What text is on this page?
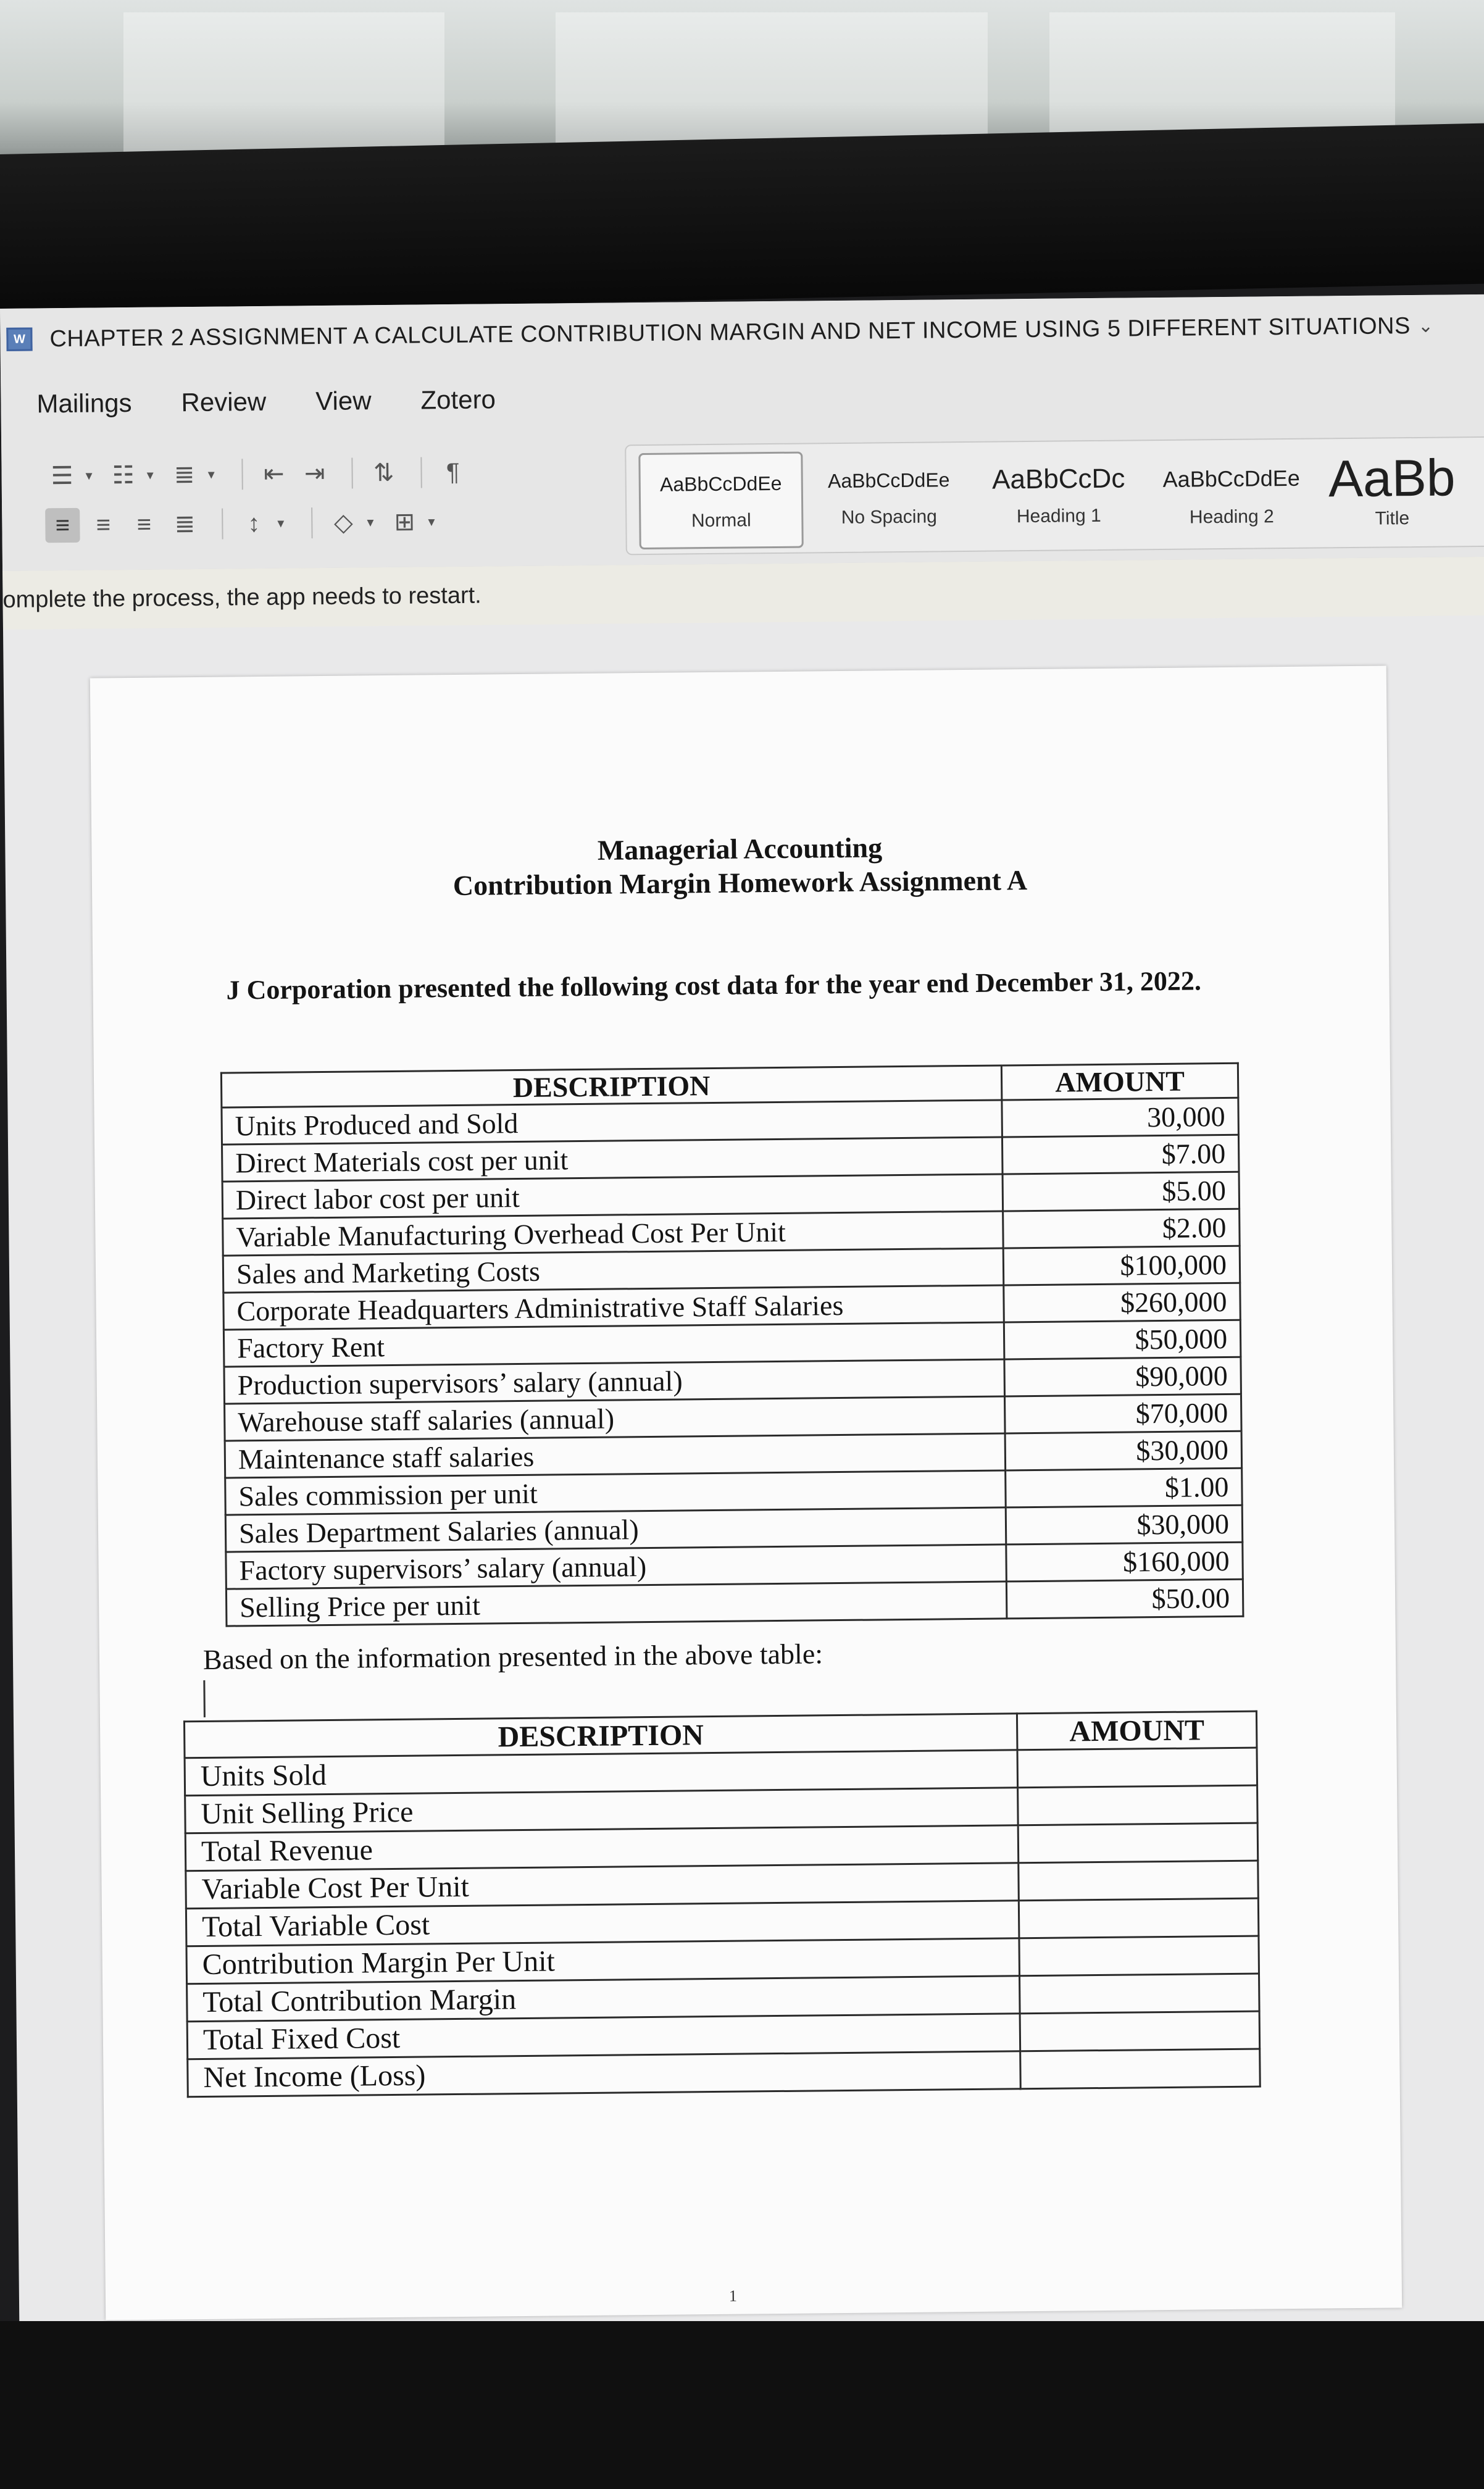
W	CHAPTER 2 ASSIGNMENT A CALCULATE CONTRIBUTION MARGIN AND NET INCOME USING 5 DIFFERENT SITUATIONS ⌄
Mailings Review View Zotero
☰ ▾ ☷ ▾ ≣ ▾ ⇤ ⇥ ⇅	¶
≡	≡	≡ ≣	↕	▾	◇	▾ ⊞ ▾
AaBbCcDdEe
Normal
AaBbCcDdEe
No Spacing
AaBbCcDc
Heading 1
AaBbCcDdEe
Heading 2
AaBb
Title
omplete the process, the app needs to restart.
Managerial Accounting
Contribution Margin Homework Assignment A
J Corporation presented the following cost data for the year end December 31, 2022.
DESCRIPTION	AMOUNT
Units Produced and Sold	30,000
Direct Materials cost per unit	$7.00
Direct labor cost per unit	$5.00
Variable Manufacturing Overhead Cost Per Unit	$2.00
Sales and Marketing Costs	$100,000
Corporate Headquarters Administrative Staff Salaries	$260,000
Factory Rent	$50,000
Production supervisors’ salary (annual)	$90,000
Warehouse staff salaries (annual)	$70,000
Maintenance staff salaries	$30,000
Sales commission per unit	$1.00
Sales Department Salaries (annual)	$30,000
Factory supervisors’ salary (annual)	$160,000
Selling Price per unit	$50.00
Based on the information presented in the above table:
DESCRIPTION	AMOUNT
Units Sold	
Unit Selling Price	
Total Revenue	
Variable Cost Per Unit	
Total Variable Cost	
Contribution Margin Per Unit	
Total Contribution Margin	
Total Fixed Cost	
Net Income (Loss)	
1
